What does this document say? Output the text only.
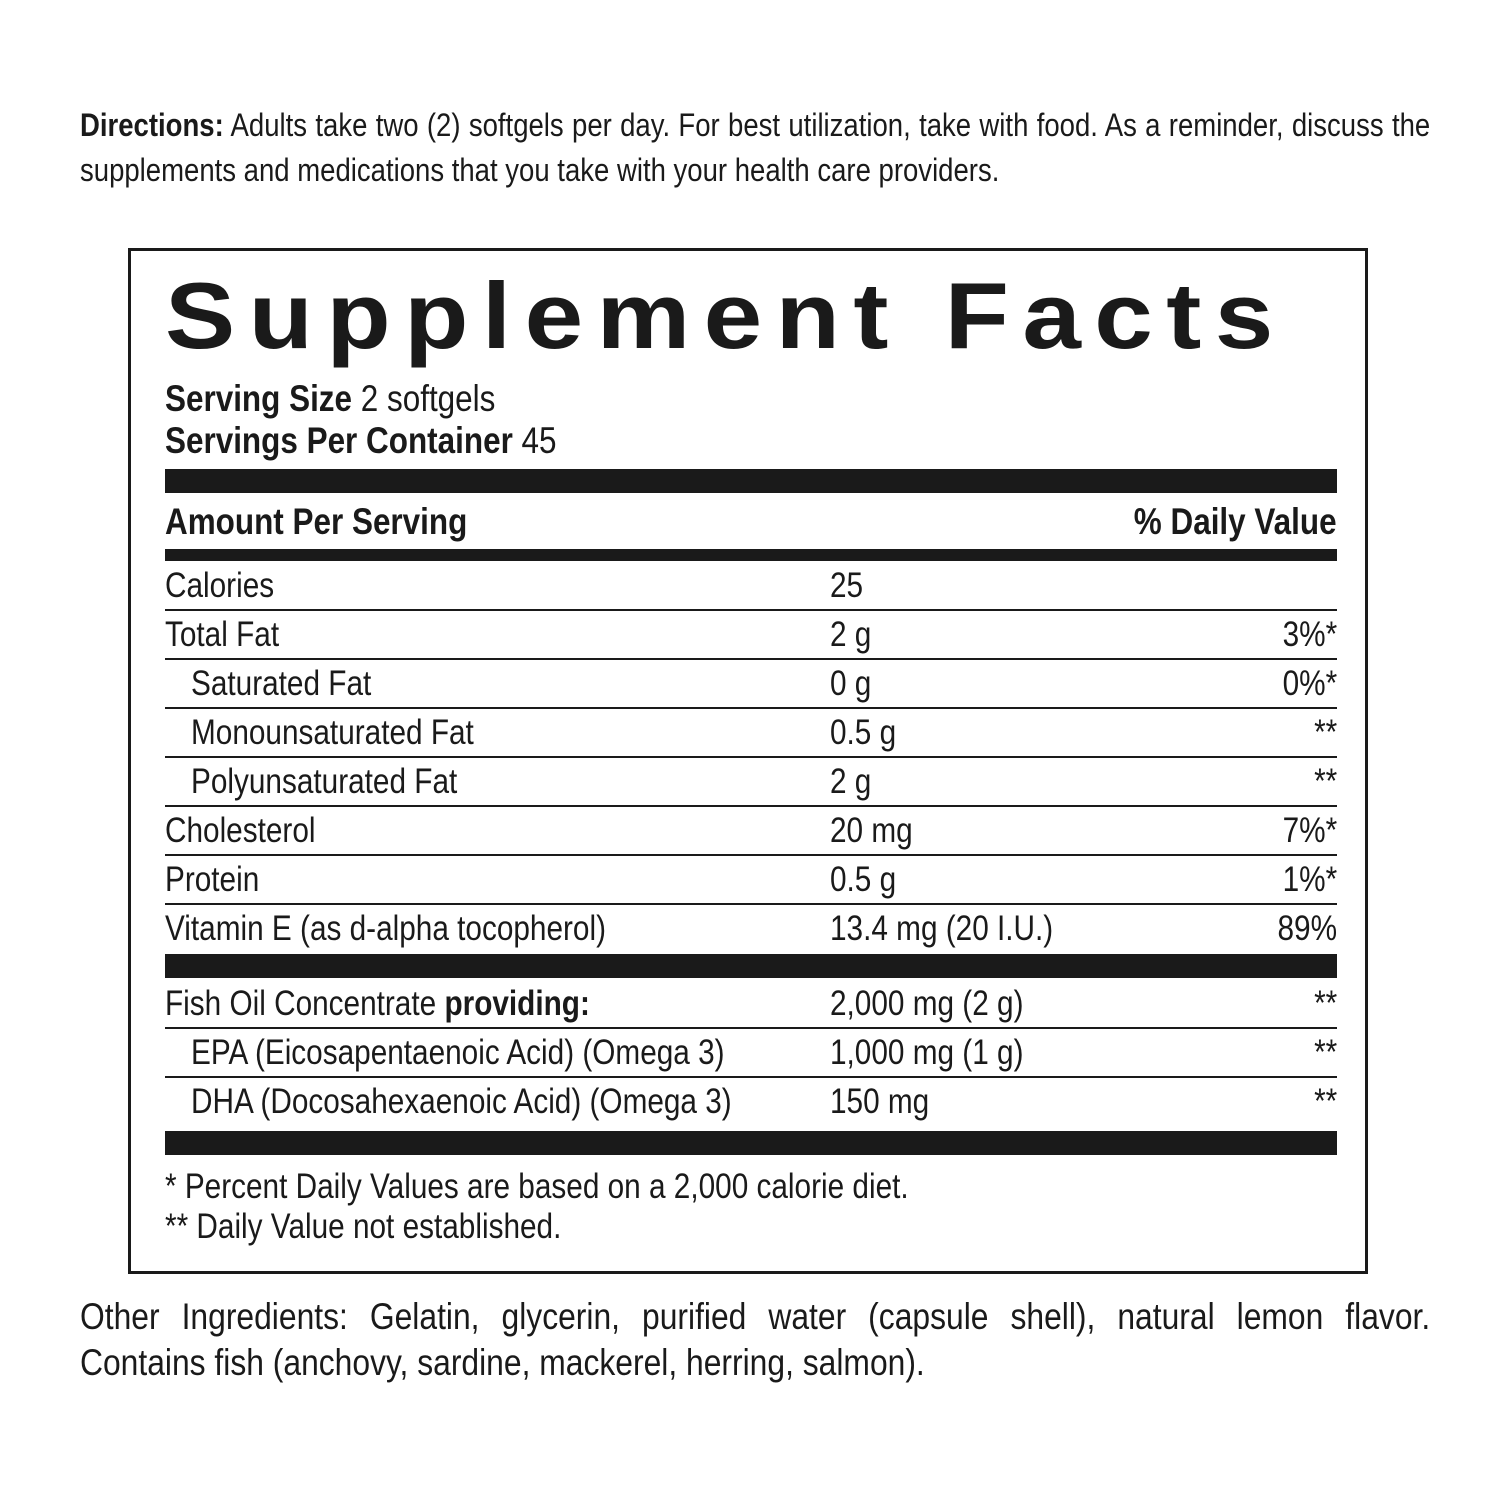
Directions: Adults take two (2) softgels per day. For best utilization, take with food. As a reminder, discuss the supplements and medications that you take with your health care providers.
Supplement Facts
Serving Size 2 softgels
Servings Per Container 45
Amount Per Serving	% Daily Value
Calories	25
Total Fat	2 g	3%*
Saturated Fat	0 g	0%*
Monounsaturated Fat	0.5 g	**
Polyunsaturated Fat	2 g	**
Cholesterol	20 mg	7%*
Protein	0.5 g	1%*
Vitamin E (as d-alpha tocopherol)	13.4 mg (20 I.U.)	89%
Fish Oil Concentrate providing:	2,000 mg (2 g)	**
EPA (Eicosapentaenoic Acid) (Omega 3)	1,000 mg (1 g)	**
DHA (Docosahexaenoic Acid) (Omega 3)	150 mg	**
* Percent Daily Values are based on a 2,000 calorie diet.
** Daily Value not established.
Other Ingredients: Gelatin, glycerin, purified water (capsule shell), natural lemon flavor. Contains fish (anchovy, sardine, mackerel, herring, salmon).
